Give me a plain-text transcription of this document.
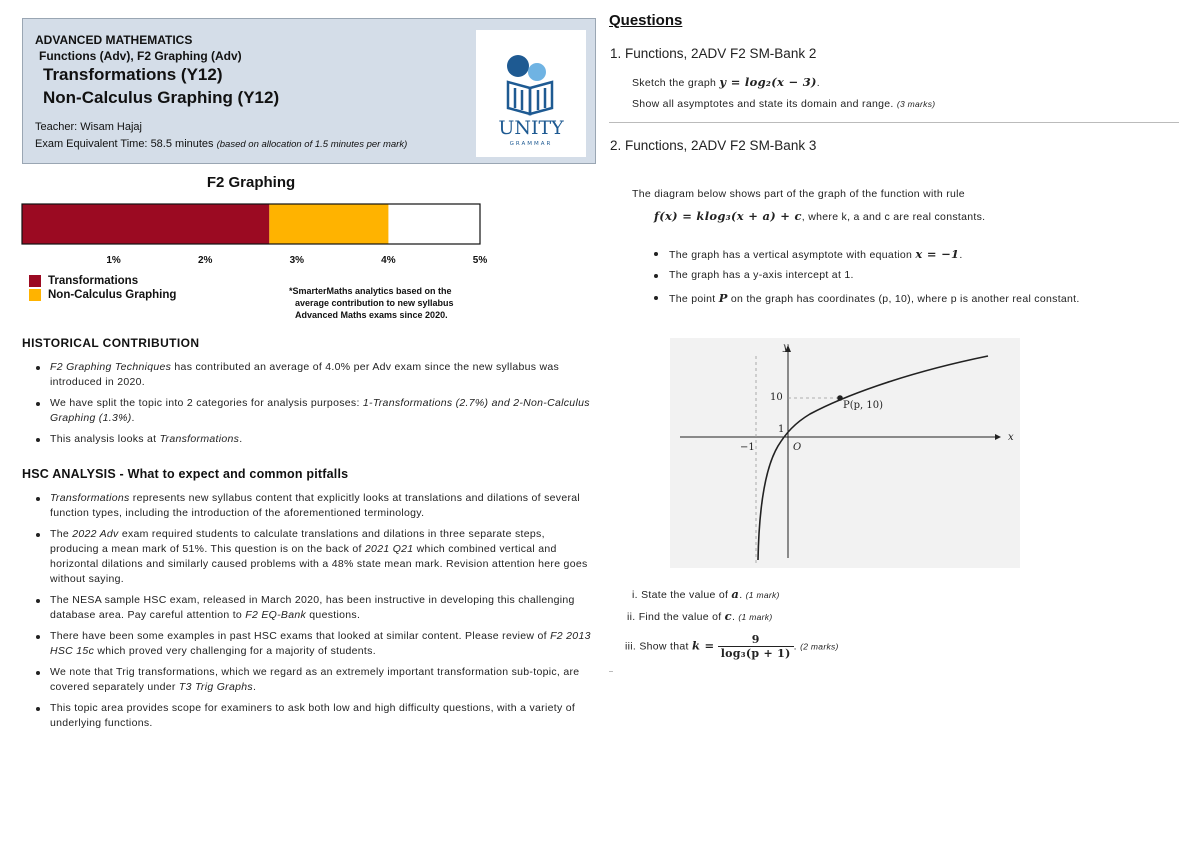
ADVANCED MATHEMATICS
Functions (Adv), F2 Graphing (Adv)
Transformations (Y12)
Non-Calculus Graphing (Y12)
Teacher: Wisam Hajaj
Exam Equivalent Time: 58.5 minutes (based on allocation of 1.5 minutes per mark)
UNITY
GRAMMAR
F2 Graphing
1%	2%	3%	4%	5%
Transformations
Non-Calculus Graphing	*SmarterMaths analytics based on the
average contribution to new syllabus
Advanced Maths exams since 2020.
HISTORICAL CONTRIBUTION
F2 Graphing Techniques has contributed an average of 4.0% per Adv exam since the new syllabus was introduced in 2020.
We have split the topic into 2 categories for analysis purposes: 1-Transformations (2.7%) and 2-Non-Calculus Graphing (1.3%).
This analysis looks at Transformations.
HSC ANALYSIS - What to expect and common pitfalls
Transformations represents new syllabus content that explicitly looks at translations and dilations of several function types, including the introduction of the aforementioned terminology.
The 2022 Adv exam required students to calculate translations and dilations in three separate steps, producing a mean mark of 51%. This question is on the back of 2021 Q21 which combined vertical and horizontal dilations and similarly caused problems with a 48% state mean mark. Revision attention here goes without saying.
The NESA sample HSC exam, released in March 2020, has been instructive in developing this challenging database area. Pay careful attention to F2 EQ-Bank questions.
There have been some examples in past HSC exams that looked at similar content. Please review of F2 2013 HSC 15c which proved very challenging for a majority of students.
We note that Trig transformations, which we regard as an extremely important transformation sub-topic, are covered separately under T3 Trig Graphs.
This topic area provides scope for examiners to ask both low and high difficulty questions, with a variety of underlying functions.
Questions
1. Functions, 2ADV F2 SM-Bank 2
Sketch the graph y = log₂(x − 3).
Show all asymptotes and state its domain and range. (3 marks)
2. Functions, 2ADV F2 SM-Bank 3
The diagram below shows part of the graph of the function with rule
f(x) = klog₃(x + a) + c, where k, a and c are real constants.
The graph has a vertical asymptote with equation x = −1.
The graph has a y-axis intercept at 1.
The point P on the graph has coordinates (p, 10), where p is another real constant.
y
x
O
10
1
−1
P(p, 10)
i. State the value of a. (1 mark)
ii. Find the value of c. (1 mark)
iii. Show that $k = \frac{9}{\text{log₃(p + 1)}}$ . (2 marks)
